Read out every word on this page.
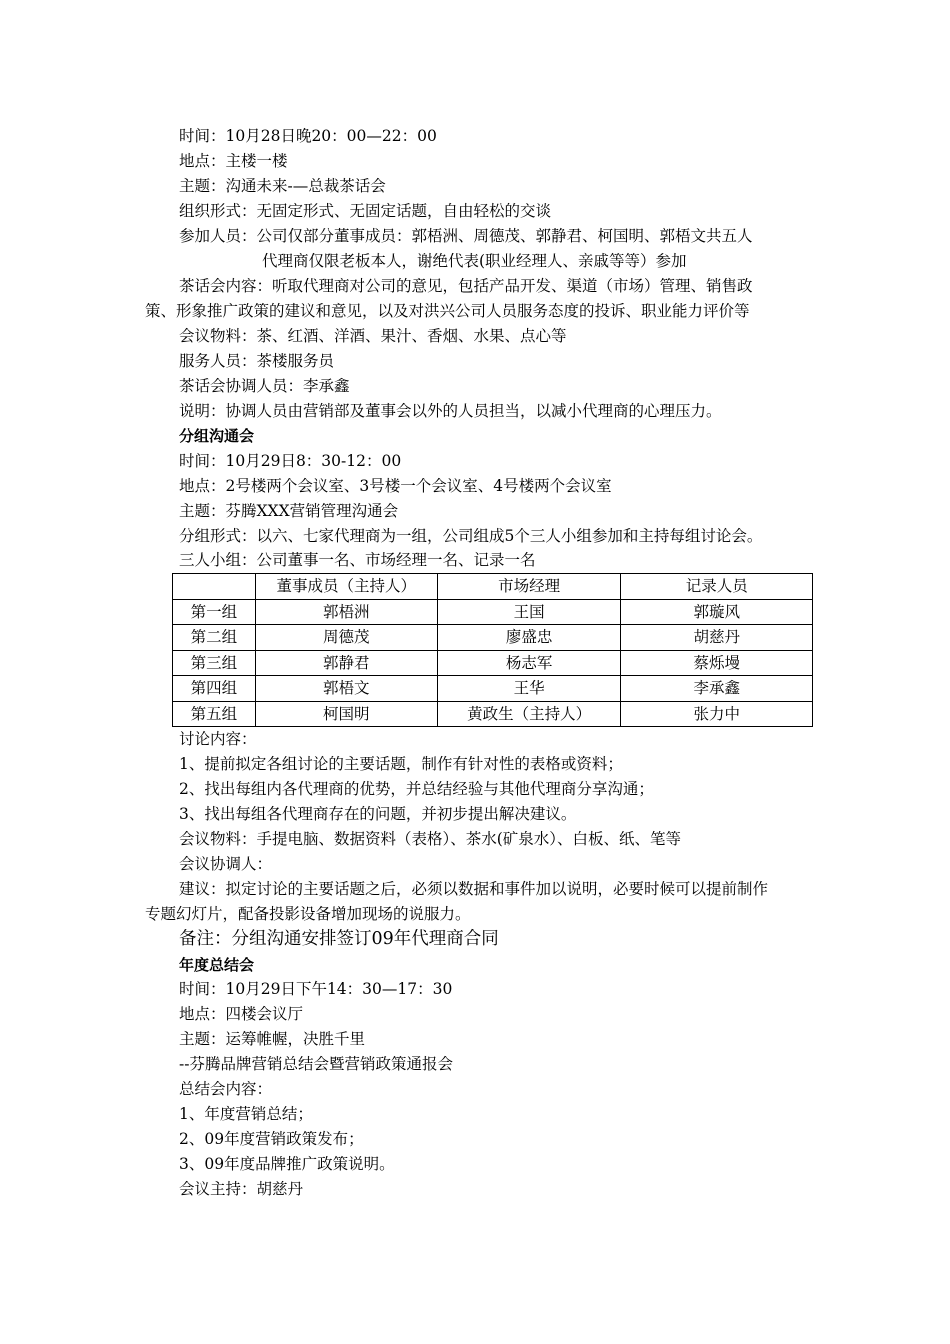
时间：10月28日晚20：00—22：00
地点：主楼一楼
主题：沟通未来-—总裁茶话会
组织形式：无固定形式、无固定话题，自由轻松的交谈
参加人员：公司仅部分董事成员：郭梧洲、周德茂、郭静君、柯国明、郭梧文共五人
代理商仅限老板本人，谢绝代表(职业经理人、亲戚等等）参加
茶话会内容：听取代理商对公司的意见，包括产品开发、渠道（市场）管理、销售政
策、形象推广政策的建议和意见，以及对洪兴公司人员服务态度的投诉、职业能力评价等
会议物料：茶、红酒、洋酒、果汁、香烟、水果、点心等
服务人员：茶楼服务员
茶话会协调人员：李承鑫
说明：协调人员由营销部及董事会以外的人员担当，以减小代理商的心理压力。
分组沟通会
时间：10月29日8：30-12：00
地点：2号楼两个会议室、3号楼一个会议室、4号楼两个会议室
主题：芬腾XXX营销管理沟通会
分组形式：以六、七家代理商为一组，公司组成5个三人小组参加和主持每组讨论会。
三人小组：公司董事一名、市场经理一名、记录一名
	董事成员（主持人）	市场经理	记录人员
第一组	郭梧洲	王国	郭璇风
第二组	周德茂	廖盛忠	胡慈丹
第三组	郭静君	杨志军	蔡烁墁
第四组	郭梧文	王华	李承鑫
第五组	柯国明	黄政生（主持人）	张力中
讨论内容：
1、提前拟定各组讨论的主要话题，制作有针对性的表格或资料；
2、找出每组内各代理商的优势，并总结经验与其他代理商分享沟通；
3、找出每组各代理商存在的问题，并初步提出解决建议。
会议物料：手提电脑、数据资料（表格）、茶水(矿泉水）、白板、纸、笔等
会议协调人：
建议：拟定讨论的主要话题之后，必须以数据和事件加以说明，必要时候可以提前制作
专题幻灯片，配备投影设备增加现场的说服力。
备注：分组沟通安排签订09年代理商合同
年度总结会
时间：10月29日下午14：30—17：30
地点：四楼会议厅
主题：运筹帷幄，决胜千里
--芬腾品牌营销总结会暨营销政策通报会
总结会内容：
1、年度营销总结；
2、09年度营销政策发布；
3、09年度品牌推广政策说明。
会议主持：胡慈丹
